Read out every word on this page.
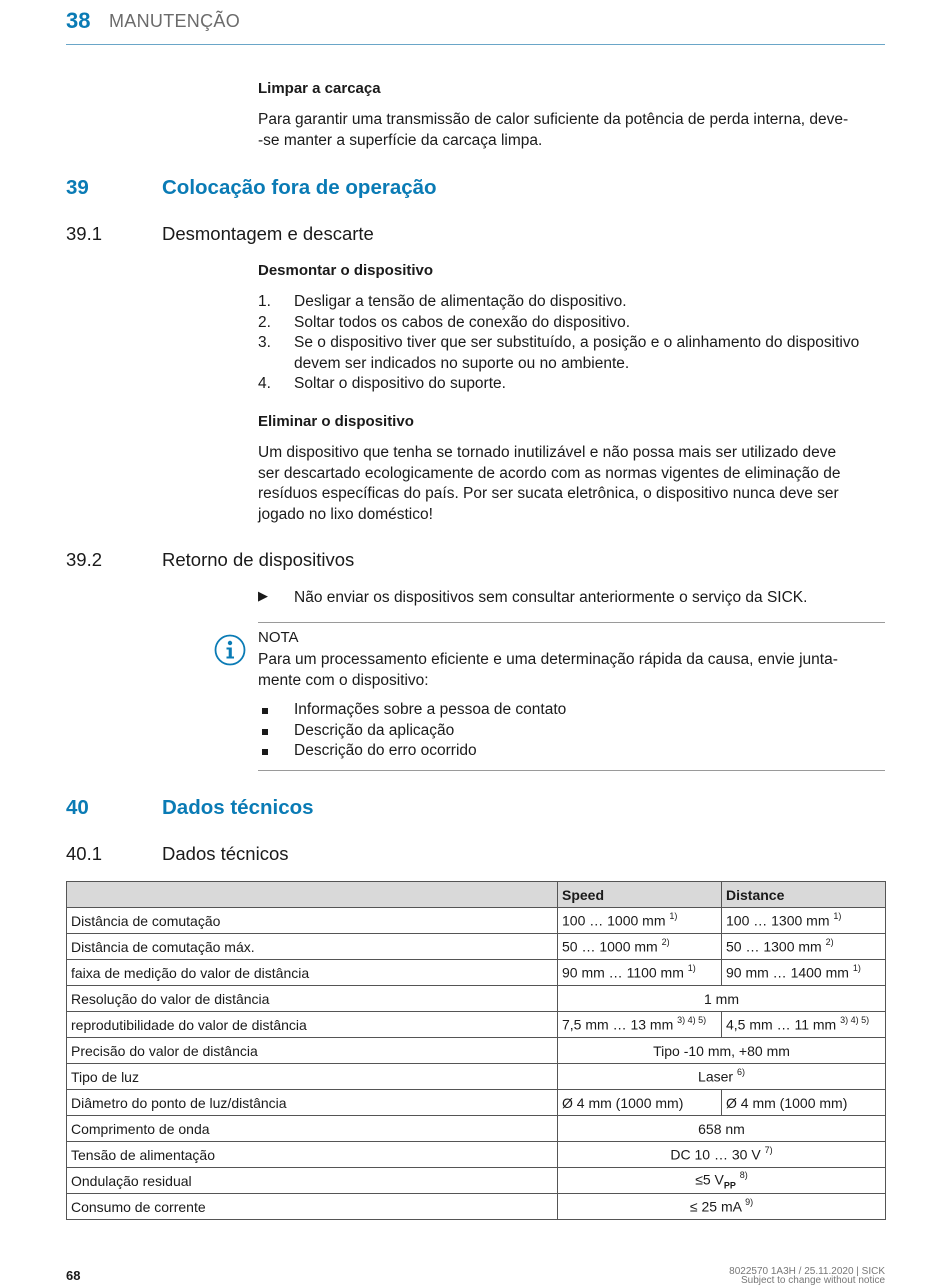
38 MANUTENÇÃO
Limpar a carcaça
Para garantir uma transmissão de calor suficiente da potência de perda interna, deve-
-se manter a superfície da carcaça limpa.
39	Colocação fora de operação
39.1	Desmontagem e descarte
Desmontar o dispositivo
1. Desligar a tensão de alimentação do dispositivo.
2. Soltar todos os cabos de conexão do dispositivo.
3. Se o dispositivo tiver que ser substituído, a posição e o alinhamento do dispositivo devem ser indicados no suporte ou no ambiente.
4. Soltar o dispositivo do suporte.
Eliminar o dispositivo
Um dispositivo que tenha se tornado inutilizável e não possa mais ser utilizado deve
ser descartado ecologicamente de acordo com as normas vigentes de eliminação de
resíduos específicas do país. Por ser sucata eletrônica, o dispositivo nunca deve ser
jogado no lixo doméstico!
39.2	Retorno de dispositivos
▶ Não enviar os dispositivos sem consultar anteriormente o serviço da SICK.
NOTA
Para um processamento eficiente e uma determinação rápida da causa, envie junta-
mente com o dispositivo:
Informações sobre a pessoa de contato
Descrição da aplicação
Descrição do erro ocorrido
40	Dados técnicos
40.1	Dados técnicos
	Speed	Distance
Distância de comutação	100 … 1000 mm $^{1)}$	100 … 1300 mm $^{1)}$
Distância de comutação máx.	50 … 1000 mm $^{2)}$	50 … 1300 mm $^{2)}$
faixa de medição do valor de distância	90 mm … 1100 mm $^{1)}$	90 mm … 1400 mm $^{1)}$
Resolução do valor de distância	1 mm	
reprodutibilidade do valor de distância	7,5 mm … 13 mm $^{3) 4) 5)}$	4,5 mm … 11 mm $^{3) 4) 5)}$
Precisão do valor de distância	Tipo -10 mm, +80 mm	
Tipo de luz	Laser $^{6)}$
Diâmetro do ponto de luz/distância	Ø 4 mm (1000 mm)	Ø 4 mm (1000 mm)
Comprimento de onda	658 nm	
Tensão de alimentação	DC 10 … 30 V $^{7)}$
Ondulação residual	≤5 $V_{PP}$ $^{8)}$
Consumo de corrente	≤ 25 mA $^{9)}$
68	8022570 1A3H / 25.11.2020 | SICK
Subject to change without notice
